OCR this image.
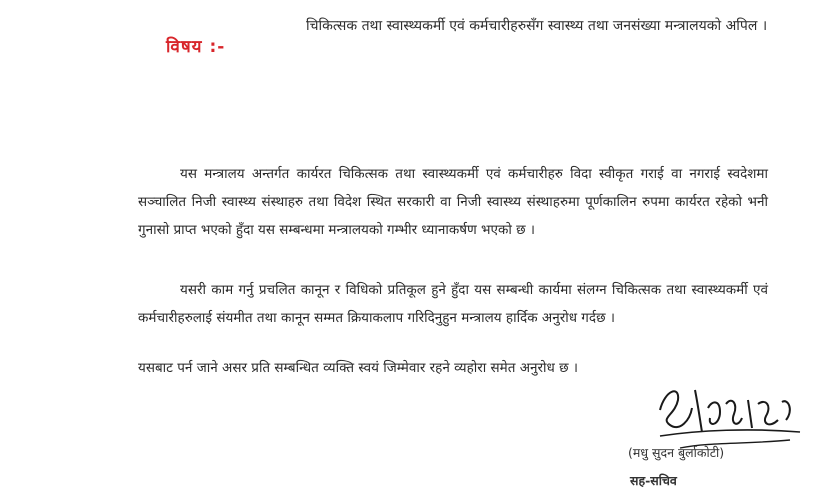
विषय :-
चिकित्सक तथा स्वास्थ्यकर्मी एवं कर्मचारीहरुसँग स्वास्थ्य तथा जनसंख्या मन्त्रालयको अपिल ।

यस मन्त्रालय अन्तर्गत कार्यरत चिकित्सक तथा स्वास्थ्यकर्मी एवं कर्मचारीहरु विदा स्वीकृत गराई वा नगराई स्वदेशमा सञ्चालित निजी स्वास्थ्य संस्थाहरु तथा विदेश स्थित सरकारी वा निजी स्वास्थ्य संस्थाहरुमा पूर्णकालिन रुपमा कार्यरत रहेको भनी गुनासो प्राप्त भएको हुँदा यस सम्बन्धमा मन्त्रालयको गम्भीर ध्यानाकर्षण भएको छ ।

यसरी काम गर्नु प्रचलित कानून र विधिको प्रतिकूल हुने हुँदा यस सम्बन्धी कार्यमा संलग्न चिकित्सक तथा स्वास्थ्यकर्मी एवं कर्मचारीहरुलाई संयमीत तथा कानून सम्मत क्रियाकलाप गरिदिनुहुन मन्त्रालय हार्दिक अनुरोध गर्दछ ।

यसबाट पर्न जाने असर प्रति सम्बन्धित व्यक्ति स्वयं जिम्मेवार रहने व्यहोरा समेत अनुरोध छ ।

(मधु सुदन बुर्लाकोटी)
सह-सचिव
